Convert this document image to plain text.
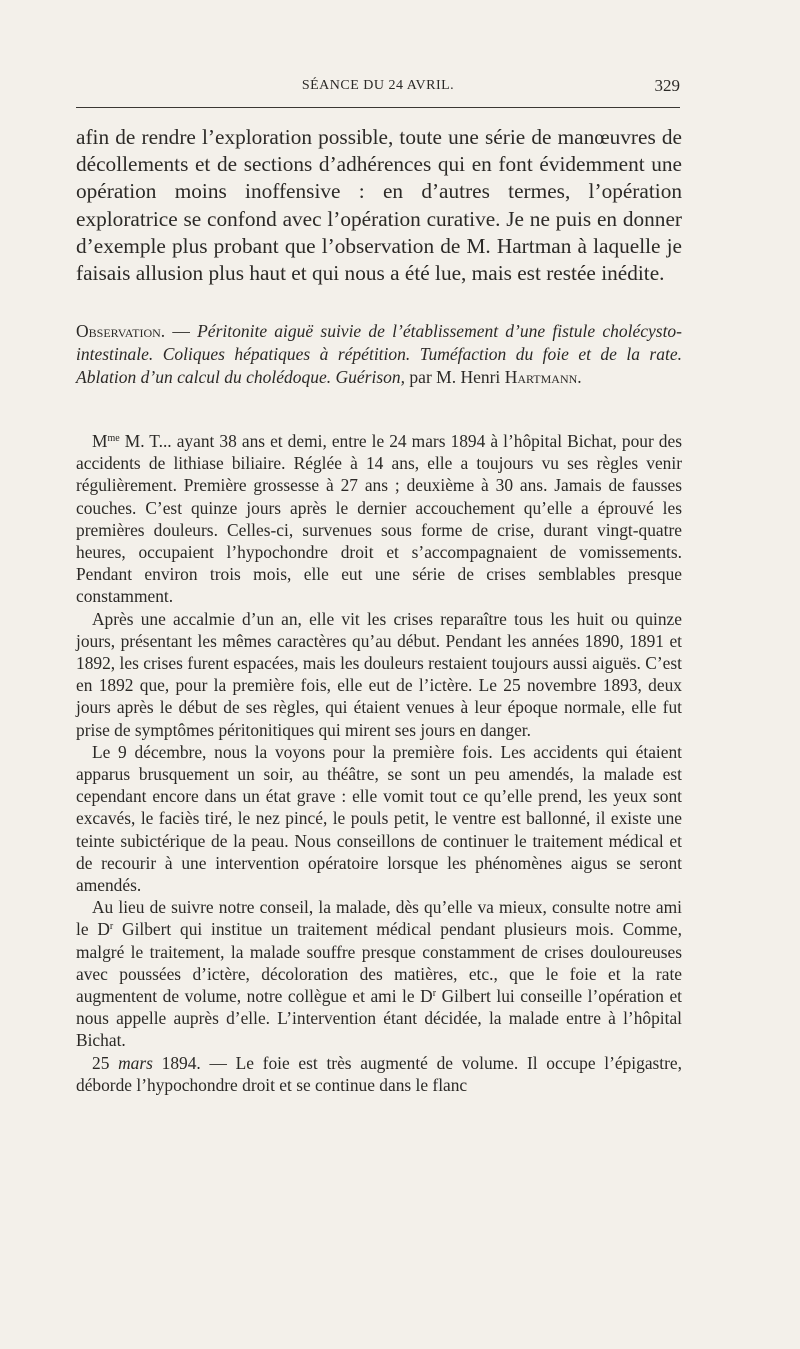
SÉANCE DU 24 AVRIL.	329

afin de rendre l’exploration possible, toute une série de manœuvres de décollements et de sections d’adhérences qui en font évidemment une opération moins inoffensive : en d’autres termes, l’opération exploratrice se confond avec l’opération curative. Je ne puis en donner d’exemple plus probant que l’observation de M. Hartman à laquelle je faisais allusion plus haut et qui nous a été lue, mais est restée inédite.

Observation. — Péritonite aiguë suivie de l’établissement d’une fistule cholécysto-intestinale. Coliques hépatiques à répétition. Tuméfaction du foie et de la rate. Ablation d’un calcul du cholédoque. Guérison, par M. Henri Hartmann.

$M^{me}$ M. T... ayant 38 ans et demi, entre le 24 mars 1894 à l’hôpital Bichat, pour des accidents de lithiase biliaire. Réglée à 14 ans, elle a toujours vu ses règles venir régulièrement. Première grossesse à 27 ans ; deuxième à 30 ans. Jamais de fausses couches. C’est quinze jours après le dernier accouchement qu’elle a éprouvé les premières douleurs. Celles-ci, survenues sous forme de crise, durant vingt-quatre heures, occupaient l’hypochondre droit et s’accompagnaient de vomissements. Pendant environ trois mois, elle eut une série de crises semblables presque constamment.

Après une accalmie d’un an, elle vit les crises reparaître tous les huit ou quinze jours, présentant les mêmes caractères qu’au début. Pendant les années 1890, 1891 et 1892, les crises furent espacées, mais les douleurs restaient toujours aussi aiguës. C’est en 1892 que, pour la première fois, elle eut de l’ictère. Le 25 novembre 1893, deux jours après le début de ses règles, qui étaient venues à leur époque normale, elle fut prise de symptômes péritonitiques qui mirent ses jours en danger.

Le 9 décembre, nous la voyons pour la première fois. Les accidents qui étaient apparus brusquement un soir, au théâtre, se sont un peu amendés, la malade est cependant encore dans un état grave : elle vomit tout ce qu’elle prend, les yeux sont excavés, le faciès tiré, le nez pincé, le pouls petit, le ventre est ballonné, il existe une teinte subictérique de la peau. Nous conseillons de continuer le traitement médical et de recourir à une intervention opératoire lorsque les phénomènes aigus se seront amendés.

Au lieu de suivre notre conseil, la malade, dès qu’elle va mieux, consulte notre ami le $D^r$ Gilbert qui institue un traitement médical pendant plusieurs mois. Comme, malgré le traitement, la malade souffre presque constamment de crises douloureuses avec poussées d’ictère, décoloration des matières, etc., que le foie et la rate augmentent de volume, notre collègue et ami le $D^r$ Gilbert lui conseille l’opération et nous appelle auprès d’elle. L’intervention étant décidée, la malade entre à l’hôpital Bichat.

25 mars 1894. — Le foie est très augmenté de volume. Il occupe l’épigastre, déborde l’hypochondre droit et se continue dans le flanc
